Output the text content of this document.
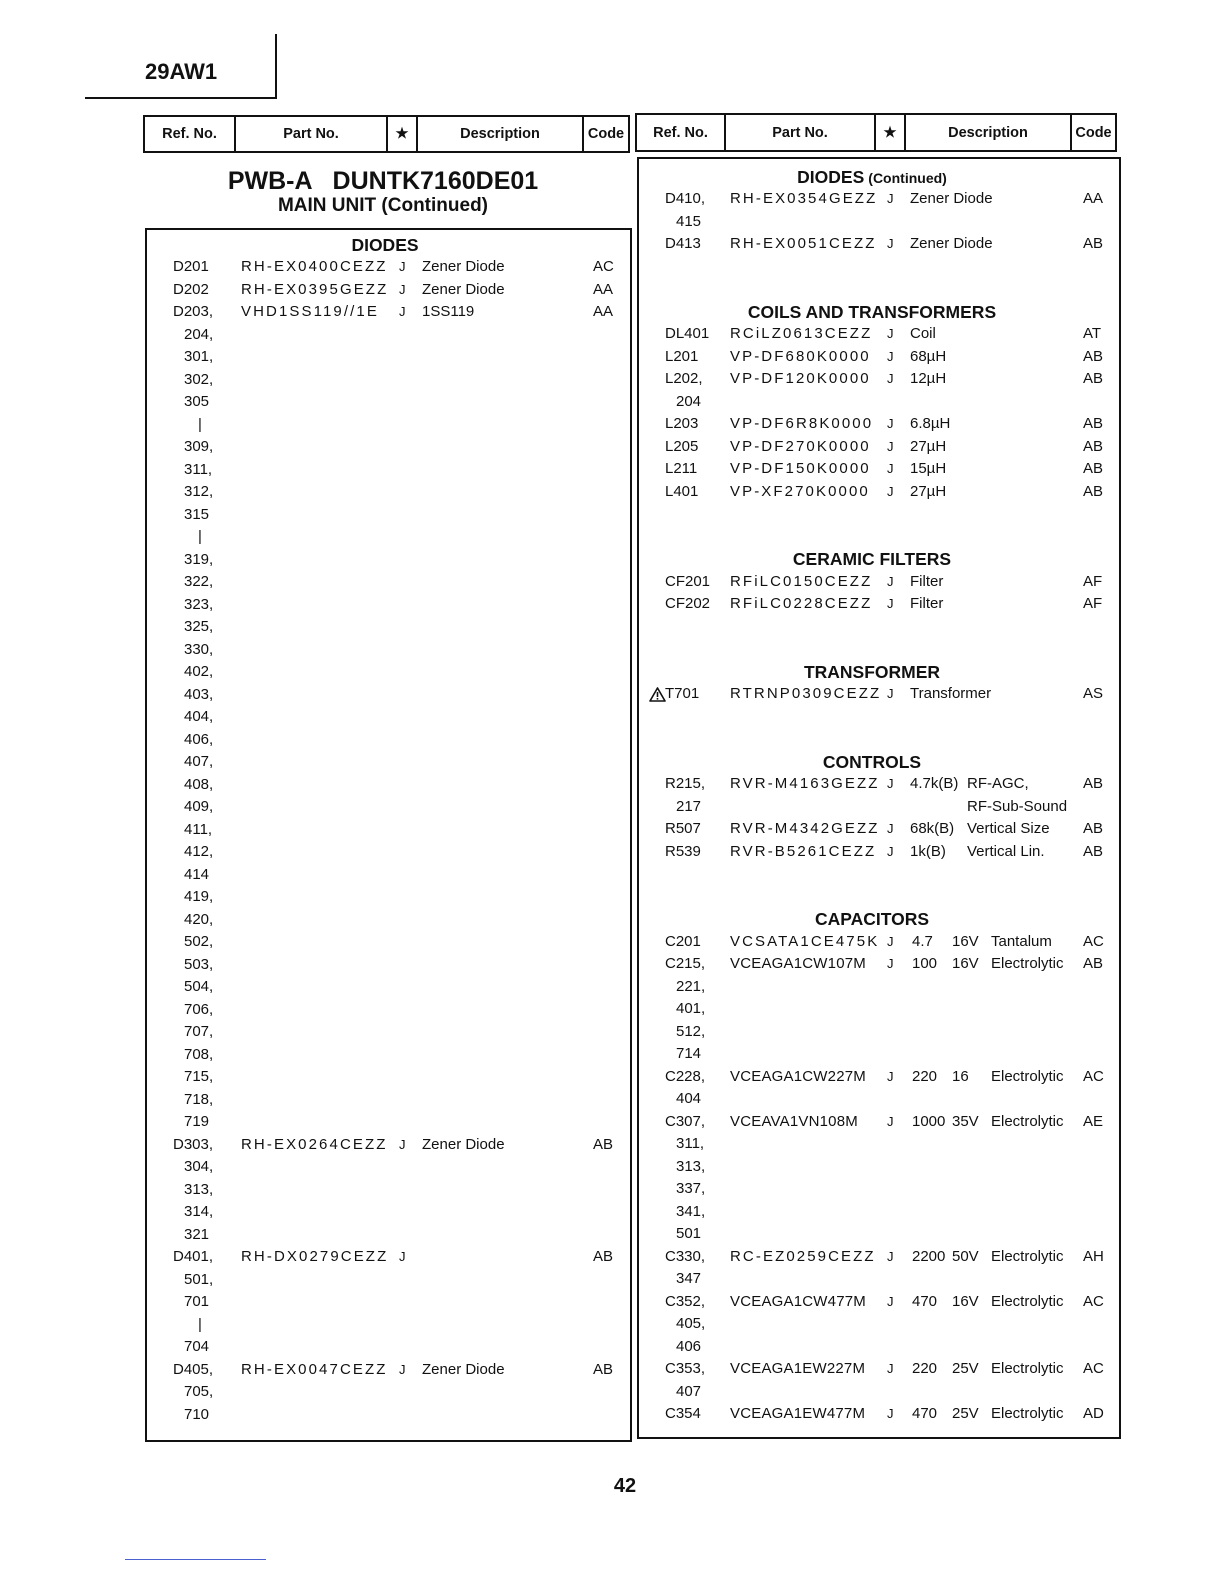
29AW1
Ref. No.	Part No.	★	Description	Code	Ref. No.	Part No.	★	Description	Code
PWB-A DUNTK7160DE01
MAIN UNIT (Continued)
DIODES
D201 RH-EX0400CEZZ J Zener Diode	AC
D202 RH-EX0395GEZZ J Zener Diode	AA
D203, VHD1SS119//1E J 1SS119	AA
204,
301,
302,
305
|
309,
311,
312,
315
|
319,
322,
323,
325,
330,
402,
403,
404,
406,
407,
408,
409,
411,
412,
414
419,
420,
502,
503,
504,
706,
707,
708,
715,
718,
719
D303, RH-EX0264CEZZ J Zener Diode	AB
304,
313,
314,
321
D401, RH-DX0279CEZZ J	AB
501,
701
|
704
D405, RH-EX0047CEZZ J Zener Diode	AB
705,
710
DIODES (Continued)
D410, RH-EX0354GEZZ J Zener Diode	AA
415
D413 RH-EX0051CEZZ J Zener Diode	AB
COILS AND TRANSFORMERS
DL401 RCiLZ0613CEZZ J Coil	AT
L201 VP-DF680K0000 J 68µH	AB
L202, VP-DF120K0000 J 12µH	AB
204
L203 VP-DF6R8K0000 J 6.8µH	AB
L205 VP-DF270K0000 J 27µH	AB
L211 VP-DF150K0000 J 15µH	AB
L401 VP-XF270K0000 J 27µH	AB
CERAMIC FILTERS
CF201 RFiLC0150CEZZ J Filter	AF
CF202 RFiLC0228CEZZ J Filter	AF
TRANSFORMER
T701 RTRNP0309CEZZ J Transformer	AS
CONTROLS
R215, RVR-M4163GEZZ J 4.7k(B) RF-AGC,	AB
217	RF-Sub-Sound
R507 RVR-M4342GEZZ J 68k(B) Vertical Size AB
R539 RVR-B5261CEZZ J 1k(B) Vertical Lin.	AB
CAPACITORS
C201 VCSATA1CE475K J 4.7 16V Tantalum AC
C215, VCEAGA1CW107M J 100 16V Electrolytic AB
221,
401,
512,
714
C228, VCEAGA1CW227M J 220 16 Electrolytic AC
404
C307, VCEAVA1VN108M J 1000 35V Electrolytic AE
311,
313,
337,
341,
501
C330, RC-EZ0259CEZZ J 2200 50V Electrolytic AH
347
C352, VCEAGA1CW477M J 470 16V Electrolytic AC
405,
406
C353, VCEAGA1EW227M J 220 25V Electrolytic AC
407
C354 VCEAGA1EW477M J 470 25V Electrolytic AD
42
